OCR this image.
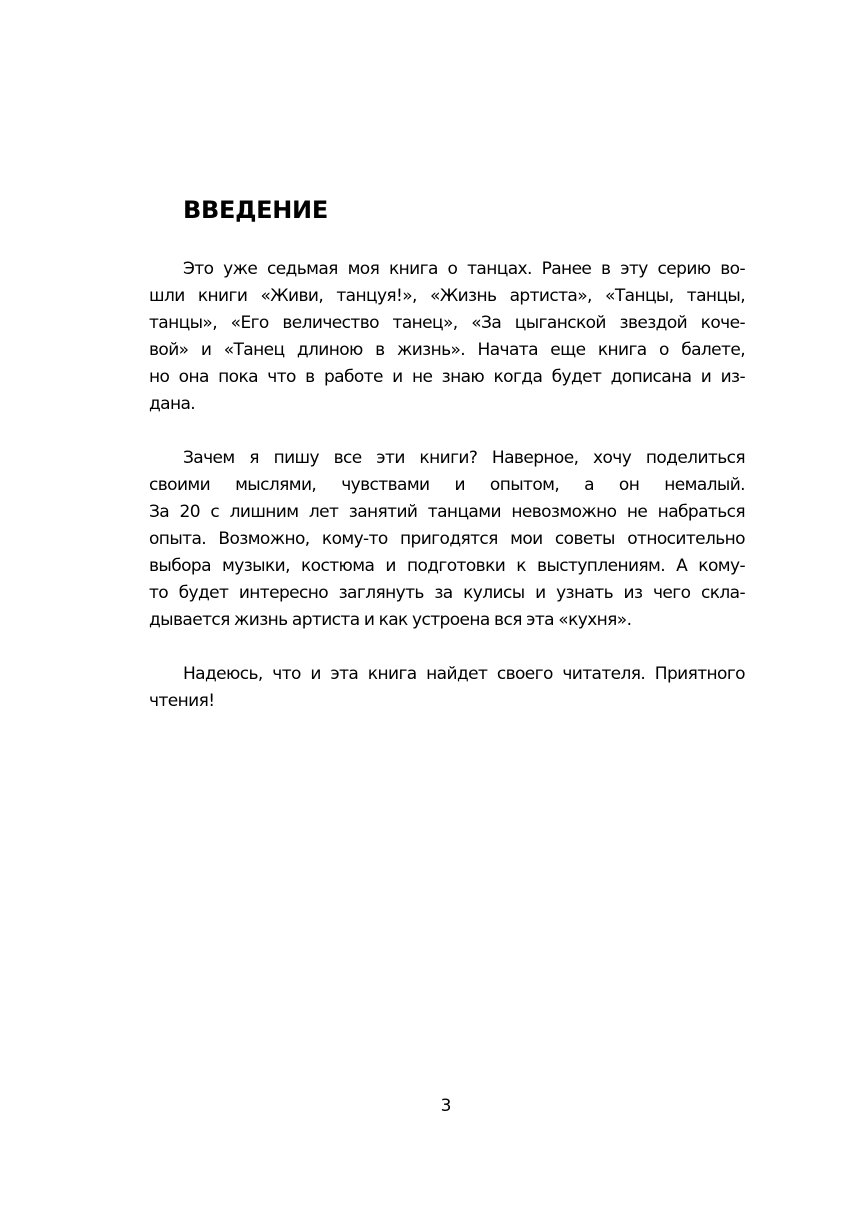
ВВЕДЕНИЕ

Это уже седьмая моя книга о танцах. Ранее в эту серию во-
шли книги «Живи, танцуя!», «Жизнь артиста», «Танцы, танцы,
танцы», «Его величество танец», «За цыганской звездой коче-
вой» и «Танец длиною в жизнь». Начата еще книга о балете,
но она пока что в работе и не знаю когда будет дописана и из-
дана.

Зачем я пишу все эти книги? Наверное, хочу поделиться
своими мыслями, чувствами и опытом, а он немалый.
За 20 с лишним лет занятий танцами невозможно не набраться
опыта. Возможно, кому-то пригодятся мои советы относительно
выбора музыки, костюма и подготовки к выступлениям. А кому-
то будет интересно заглянуть за кулисы и узнать из чего скла-
дывается жизнь артиста и как устроена вся эта «кухня».

Надеюсь, что и эта книга найдет своего читателя. Приятного
чтения!

3
